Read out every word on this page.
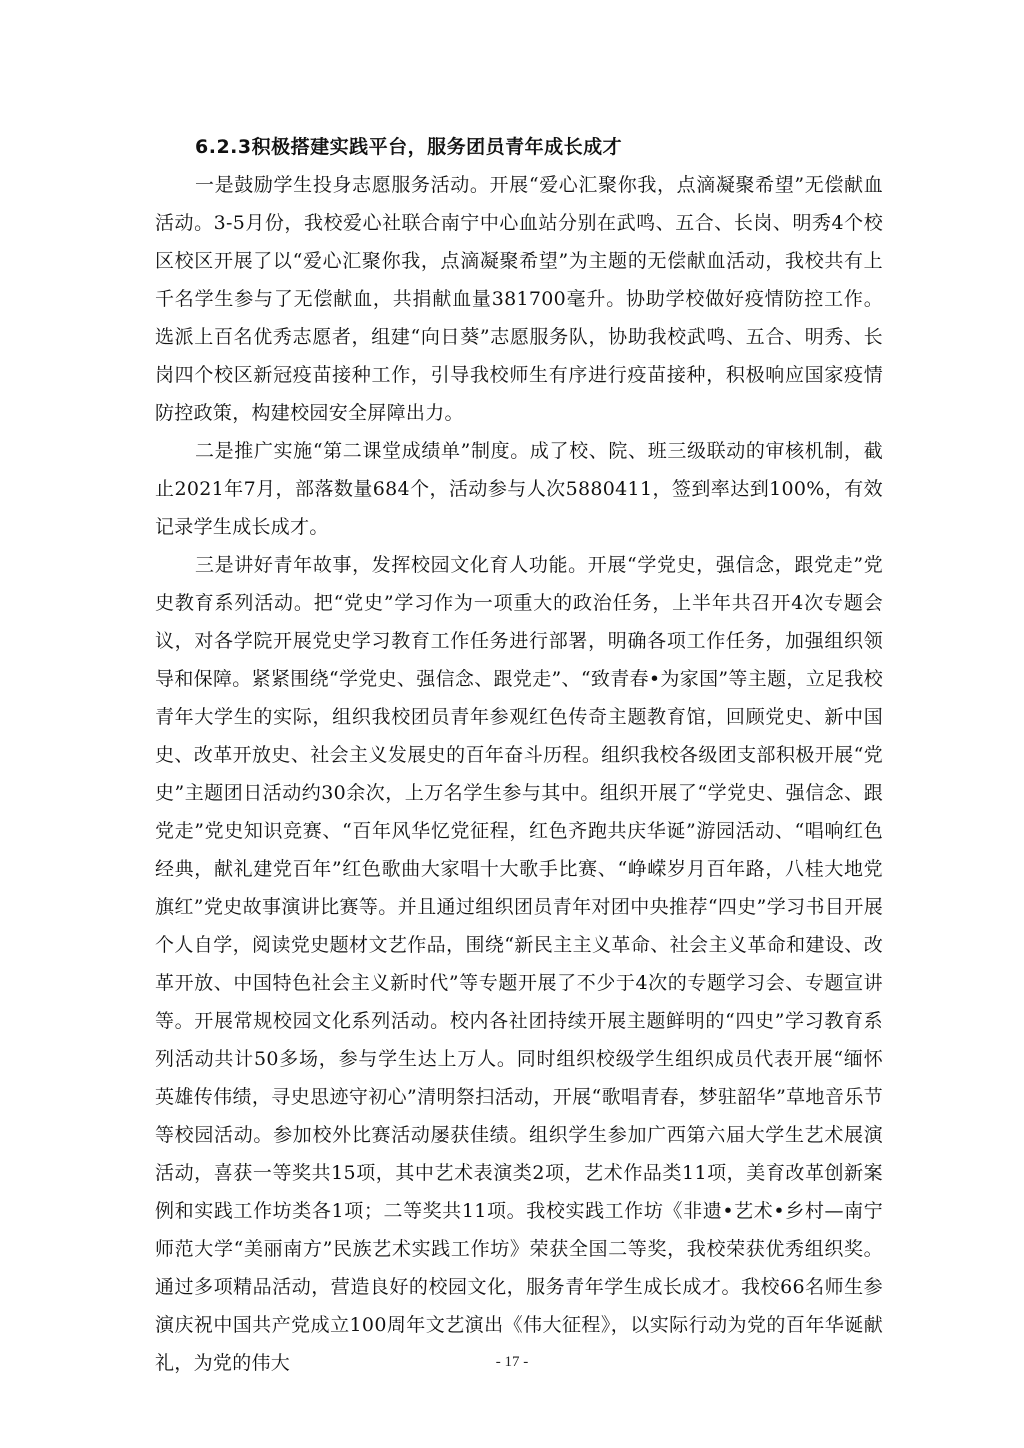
6.2.3积极搭建实践平台，服务团员青年成长成才

一是鼓励学生投身志愿服务活动。开展“爱心汇聚你我，点滴凝聚希望”无偿献血活动。3-5月份，我校爱心社联合南宁中心血站分别在武鸣、五合、长岗、明秀4个校区校区开展了以“爱心汇聚你我，点滴凝聚希望”为主题的无偿献血活动，我校共有上千名学生参与了无偿献血，共捐献血量381700毫升。协助学校做好疫情防控工作。选派上百名优秀志愿者，组建“向日葵”志愿服务队，协助我校武鸣、五合、明秀、长岗四个校区新冠疫苗接种工作，引导我校师生有序进行疫苗接种，积极响应国家疫情防控政策，构建校园安全屏障出力。

二是推广实施“第二课堂成绩单”制度。成了校、院、班三级联动的审核机制，截止2021年7月，部落数量684个，活动参与人次5880411，签到率达到100%，有效记录学生成长成才。

三是讲好青年故事，发挥校园文化育人功能。开展“学党史，强信念，跟党走”党史教育系列活动。把“党史”学习作为一项重大的政治任务，上半年共召开4次专题会议，对各学院开展党史学习教育工作任务进行部署，明确各项工作任务，加强组织领导和保障。紧紧围绕“学党史、强信念、跟党走”、“致青春•为家国”等主题，立足我校青年大学生的实际，组织我校团员青年参观红色传奇主题教育馆，回顾党史、新中国史、改革开放史、社会主义发展史的百年奋斗历程。组织我校各级团支部积极开展“党史”主题团日活动约30余次，上万名学生参与其中。组织开展了“学党史、强信念、跟党走”党史知识竞赛、“百年风华忆党征程，红色齐跑共庆华诞”游园活动、“唱响红色经典，献礼建党百年”红色歌曲大家唱十大歌手比赛、“峥嵘岁月百年路，八桂大地党旗红”党史故事演讲比赛等。并且通过组织团员青年对团中央推荐“四史”学习书目开展个人自学，阅读党史题材文艺作品，围绕“新民主主义革命、社会主义革命和建设、改革开放、中国特色社会主义新时代”等专题开展了不少于4次的专题学习会、专题宣讲等。开展常规校园文化系列活动。校内各社团持续开展主题鲜明的“四史”学习教育系列活动共计50多场，参与学生达上万人。同时组织校级学生组织成员代表开展“缅怀英雄传伟绩，寻史思迹守初心”清明祭扫活动，开展“歌唱青春，梦驻韶华”草地音乐节等校园活动。参加校外比赛活动屡获佳绩。组织学生参加广西第六届大学生艺术展演活动，喜获一等奖共15项，其中艺术表演类2项，艺术作品类11项，美育改革创新案例和实践工作坊类各1项；二等奖共11项。我校实践工作坊《非遗•艺术•乡村—南宁师范大学“美丽南方”民族艺术实践工作坊》荣获全国二等奖，我校荣获优秀组织奖。通过多项精品活动，营造良好的校园文化，服务青年学生成长成才。我校66名师生参演庆祝中国共产党成立100周年文艺演出《伟大征程》，以实际行动为党的百年华诞献礼，为党的伟大	- 17 -
